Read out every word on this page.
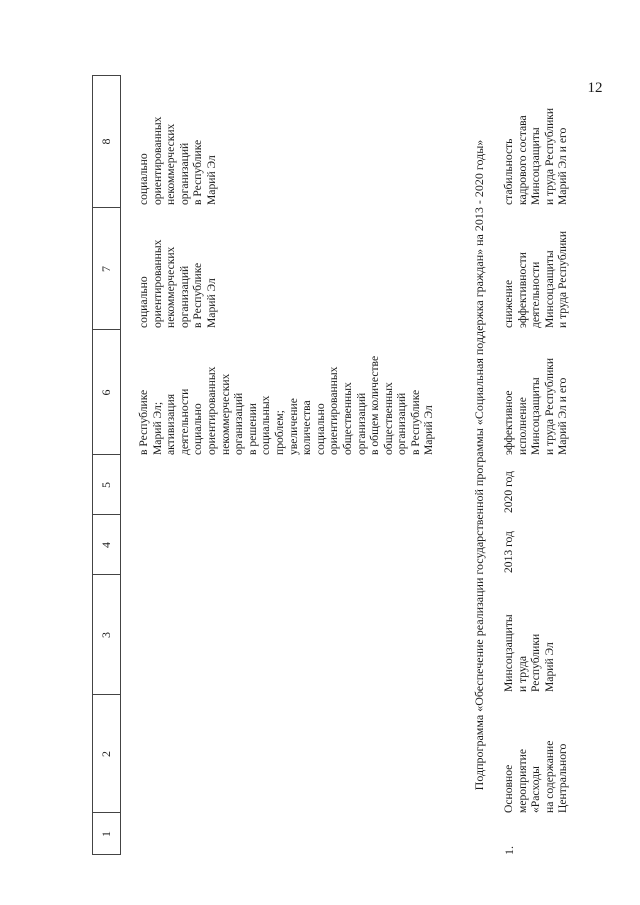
12
1
2
3
4
5
6
7
8
в Республике
Марий Эл;
активизация
деятельности
социально
ориентированных
некоммерческих
организаций
в решении
социальных
проблем;
увеличение
количества
социально
ориентированных
общественных
организаций
в общем количестве
общественных
организаций
в Республике
Марий Эл
социально
ориентированных
некоммерческих
организаций
в Республике
Марий Эл
социально
ориентированных
некоммерческих
организаций
в Республике
Марий Эл	Подпрограмма «Обеспечение реализации государственной программы «Социальная поддержка граждан» на 2013 - 2020 годы»
1.
Основное
мероприятие
«Расходы
на содержание
Центрального
Минсоцзащиты
и труда
Республики
Марий Эл
2013 год
2020 год
эффективное
исполнение
Минсоцзащиты
и труда Республики
Марий Эл и его
снижение
эффективности
деятельности
Минсоцзащиты
и труда Республики
стабильность
кадрового состава
Минсоцзащиты
и труда Республики
Марий Эл и его
